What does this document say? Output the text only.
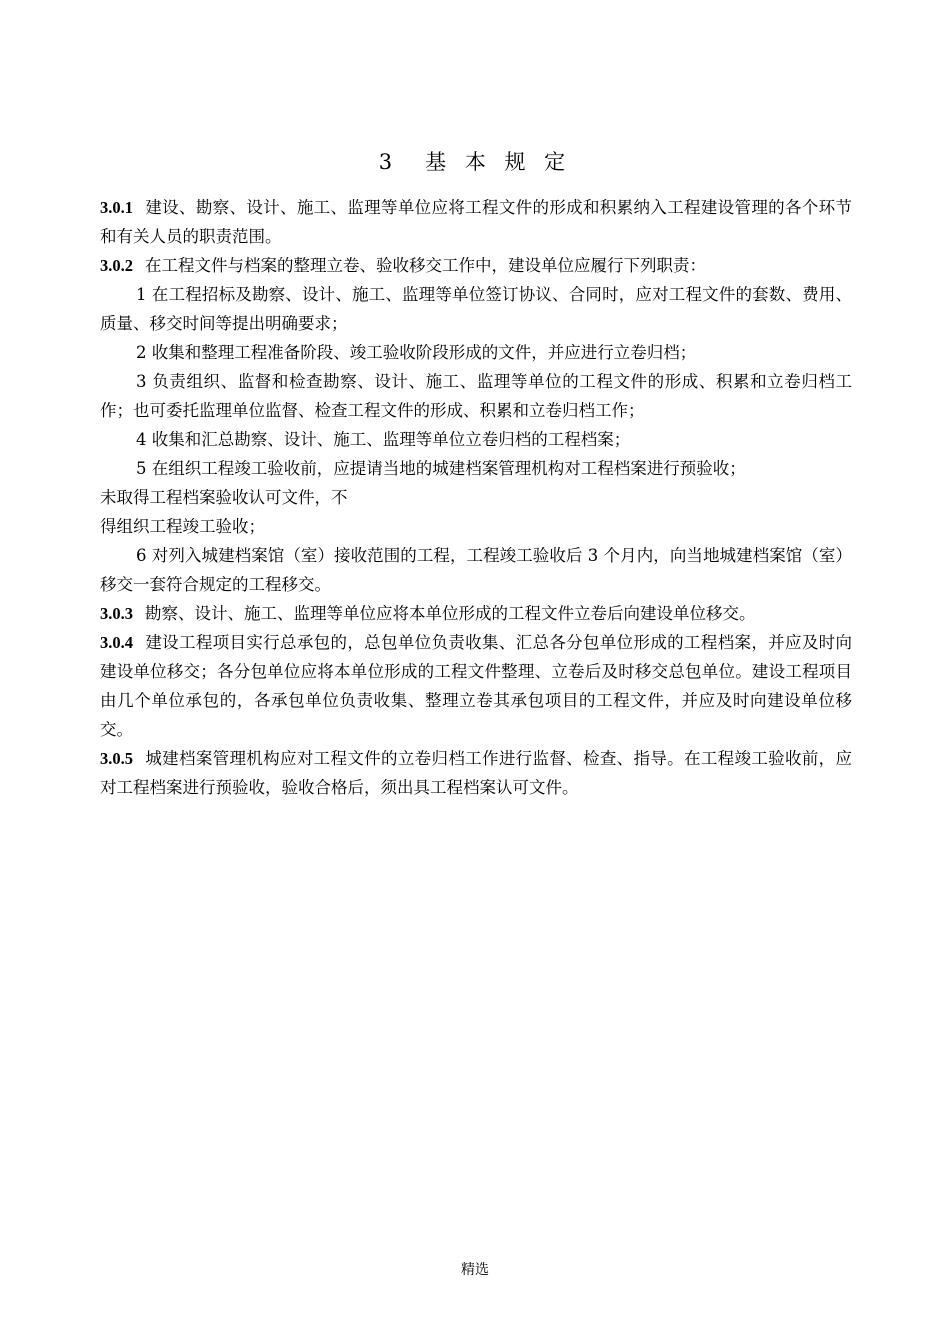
3　基 本 规 定

3.0.1 建设、勘察、设计、施工、监理等单位应将工程文件的形成和积累纳入工程建设管理的各个环节和有关人员的职责范围。

3.0.2 在工程文件与档案的整理立卷、验收移交工作中，建设单位应履行下列职责：

1 在工程招标及勘察、设计、施工、监理等单位签订协议、合同时，应对工程文件的套数、费用、质量、移交时间等提出明确要求；

2 收集和整理工程准备阶段、竣工验收阶段形成的文件，并应进行立卷归档；

3 负责组织、监督和检查勘察、设计、施工、监理等单位的工程文件的形成、积累和立卷归档工作；也可委托监理单位监督、检查工程文件的形成、积累和立卷归档工作；

4 收集和汇总勘察、设计、施工、监理等单位立卷归档的工程档案；

5 在组织工程竣工验收前，应提请当地的城建档案管理机构对工程档案进行预验收；

未取得工程档案验收认可文件，不

得组织工程竣工验收；

6 对列入城建档案馆（室）接收范围的工程，工程竣工验收后 3 个月内，向当地城建档案馆（室）移交一套符合规定的工程移交。

3.0.3 勘察、设计、施工、监理等单位应将本单位形成的工程文件立卷后向建设单位移交。

3.0.4 建设工程项目实行总承包的，总包单位负责收集、汇总各分包单位形成的工程档案，并应及时向建设单位移交；各分包单位应将本单位形成的工程文件整理、立卷后及时移交总包单位。建设工程项目由几个单位承包的，各承包单位负责收集、整理立卷其承包项目的工程文件，并应及时向建设单位移交。

3.0.5 城建档案管理机构应对工程文件的立卷归档工作进行监督、检查、指导。在工程竣工验收前，应对工程档案进行预验收，验收合格后，须出具工程档案认可文件。

精选
